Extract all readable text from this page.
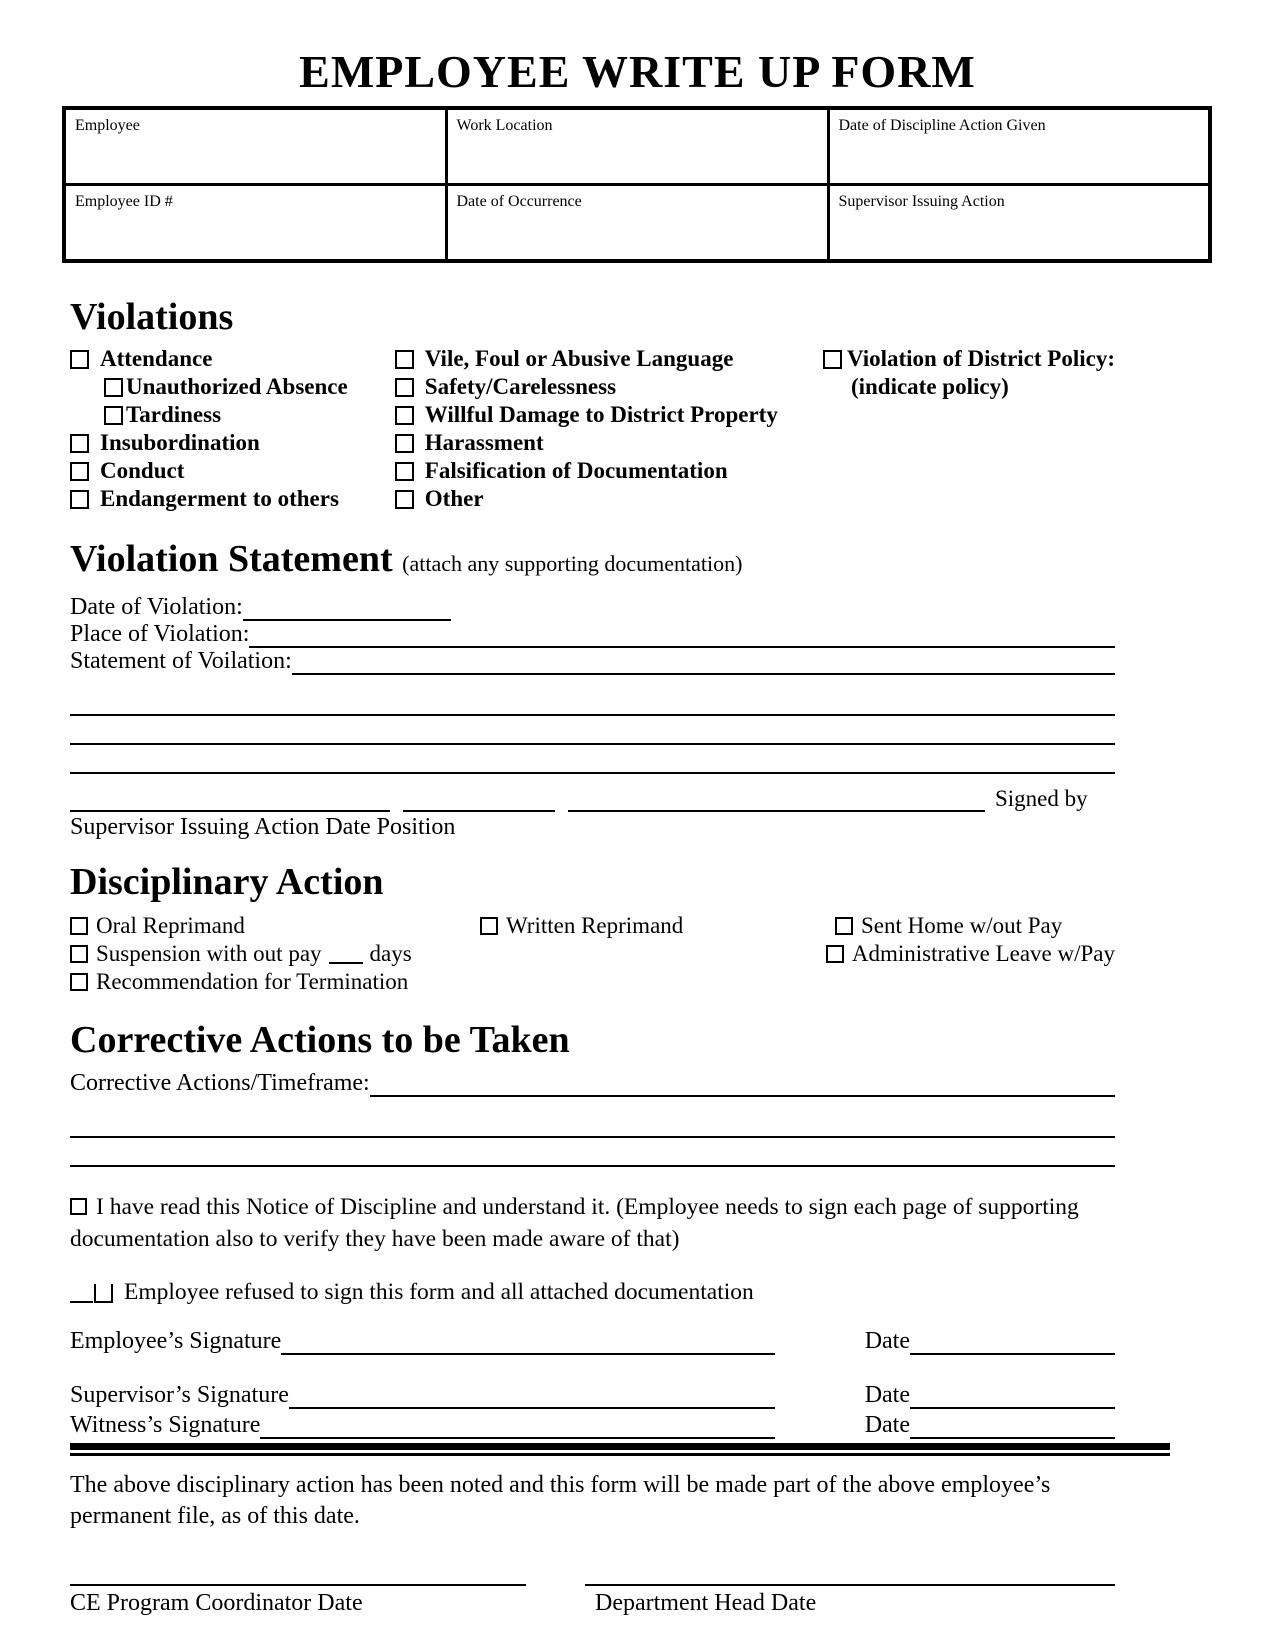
EMPLOYEE WRITE UP FORM
Employee	Work Location	Date of Discipline Action Given
Employee ID #	Date of Occurrence	Supervisor Issuing Action
Violations
Attendance
Unauthorized Absence
Tardiness
Insubordination
Conduct
Endangerment to others
Vile, Foul or Abusive Language
Safety/Carelessness
Willful Damage to District Property
Harassment
Falsification of Documentation
Other
Violation of District Policy:
(indicate policy)
Violation Statement (attach any supporting documentation)
Date of Violation:
Place of Violation:
Statement of Voilation:
Signed by
Supervisor Issuing Action Date Position
Disciplinary Action
Oral Reprimand	Written Reprimand	Sent Home w/out Pay
Suspension with out pay days	Administrative Leave w/Pay
Recommendation for Termination
Corrective Actions to be Taken
Corrective Actions/Timeframe:

I have read this Notice of Discipline and understand it. (Employee needs to sign each page of supporting documentation also to verify they have been made aware of that)

Employee refused to sign this form and all attached documentation
Employee’s Signature	Date
Supervisor’s Signature	Date
Witness’s Signature	Date

The above disciplinary action has been noted and this form will be made part of the above employee’s permanent file, as of this date.

CE Program Coordinator Date	Department Head Date
